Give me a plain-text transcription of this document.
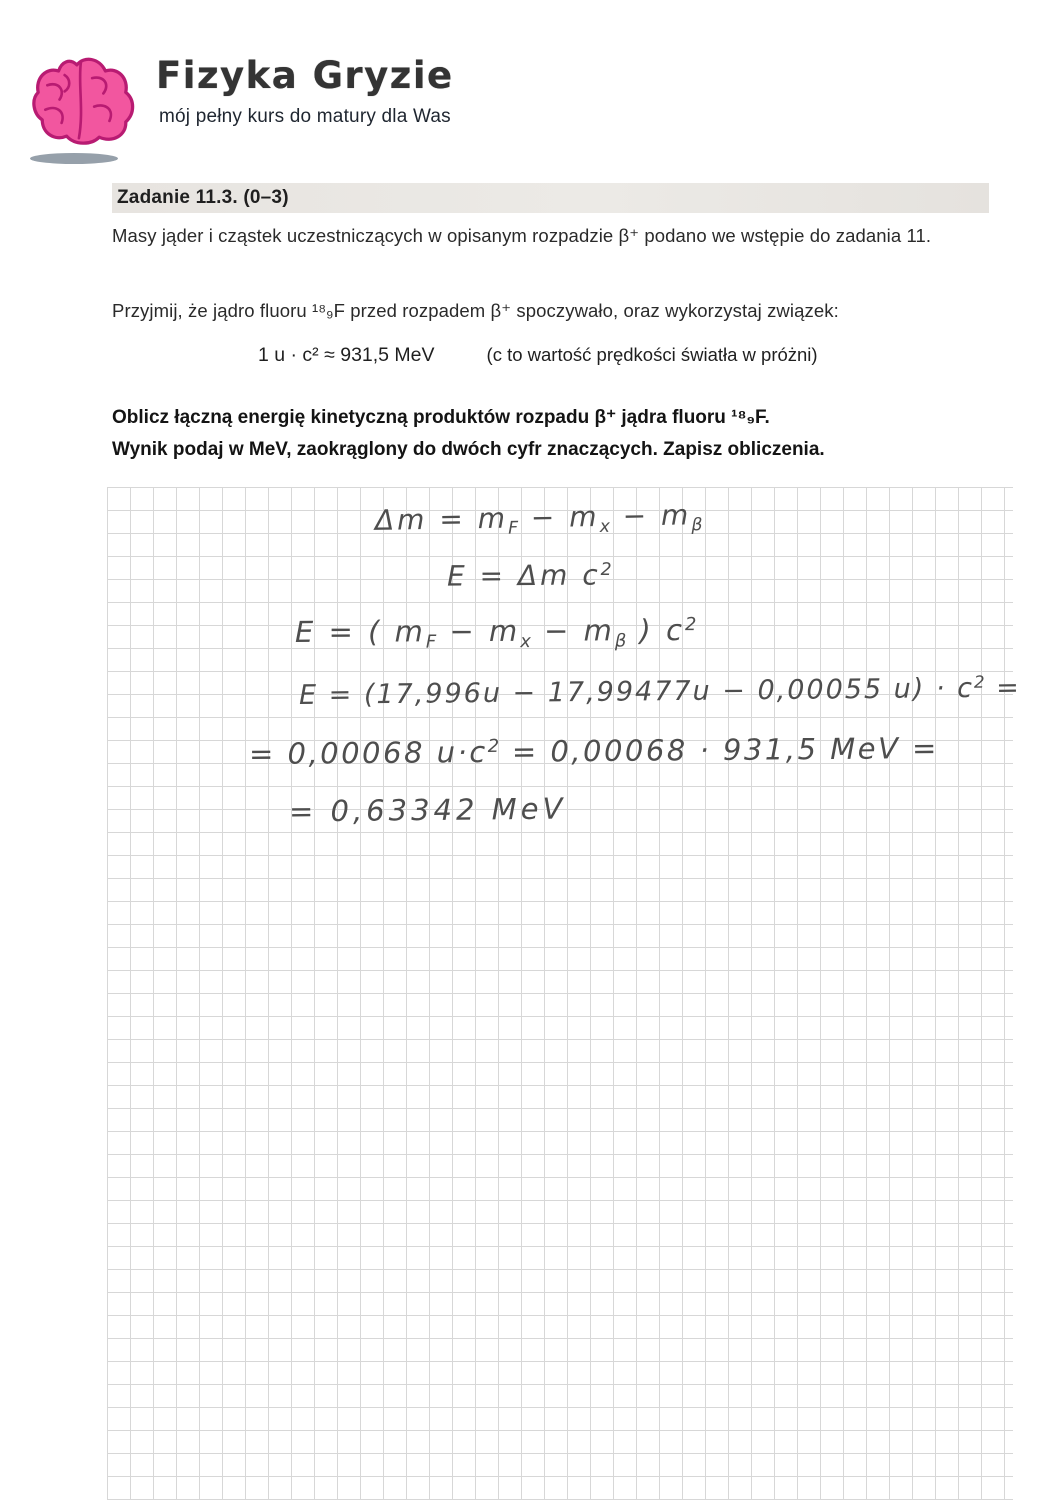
Fizyka Gryzie
mój pełny kurs do matury dla Was
Zadanie 11.3. (0–3)
Masy jąder i cząstek uczestniczących w opisanym rozpadzie β⁺ podano we wstępie do zadania 11.
Przyjmij, że jądro fluoru ¹⁸₉F przed rozpadem β⁺ spoczywało, oraz wykorzystaj związek:
1 u · c² ≈ 931,5 MeV	(c to wartość prędkości światła w próżni)
Oblicz łączną energię kinetyczną produktów rozpadu β⁺ jądra fluoru ¹⁸₉F.
Wynik podaj w MeV, zaokrąglony do dwóch cyfr znaczących. Zapisz obliczenia.
$\Delta m = m_F - m_x - m_\beta$
E = Δm $c^2$
E = ( $m_F - m_x - m_\beta$ ) $c^2$
E = (17,996u − 17,99477u − 0,00055 $u) \cdot c^2$ =
= 0,00068 $u\cdot c^2 = 0,00068 \cdot 931,5$ MeV =
= 0,63342 MeV
